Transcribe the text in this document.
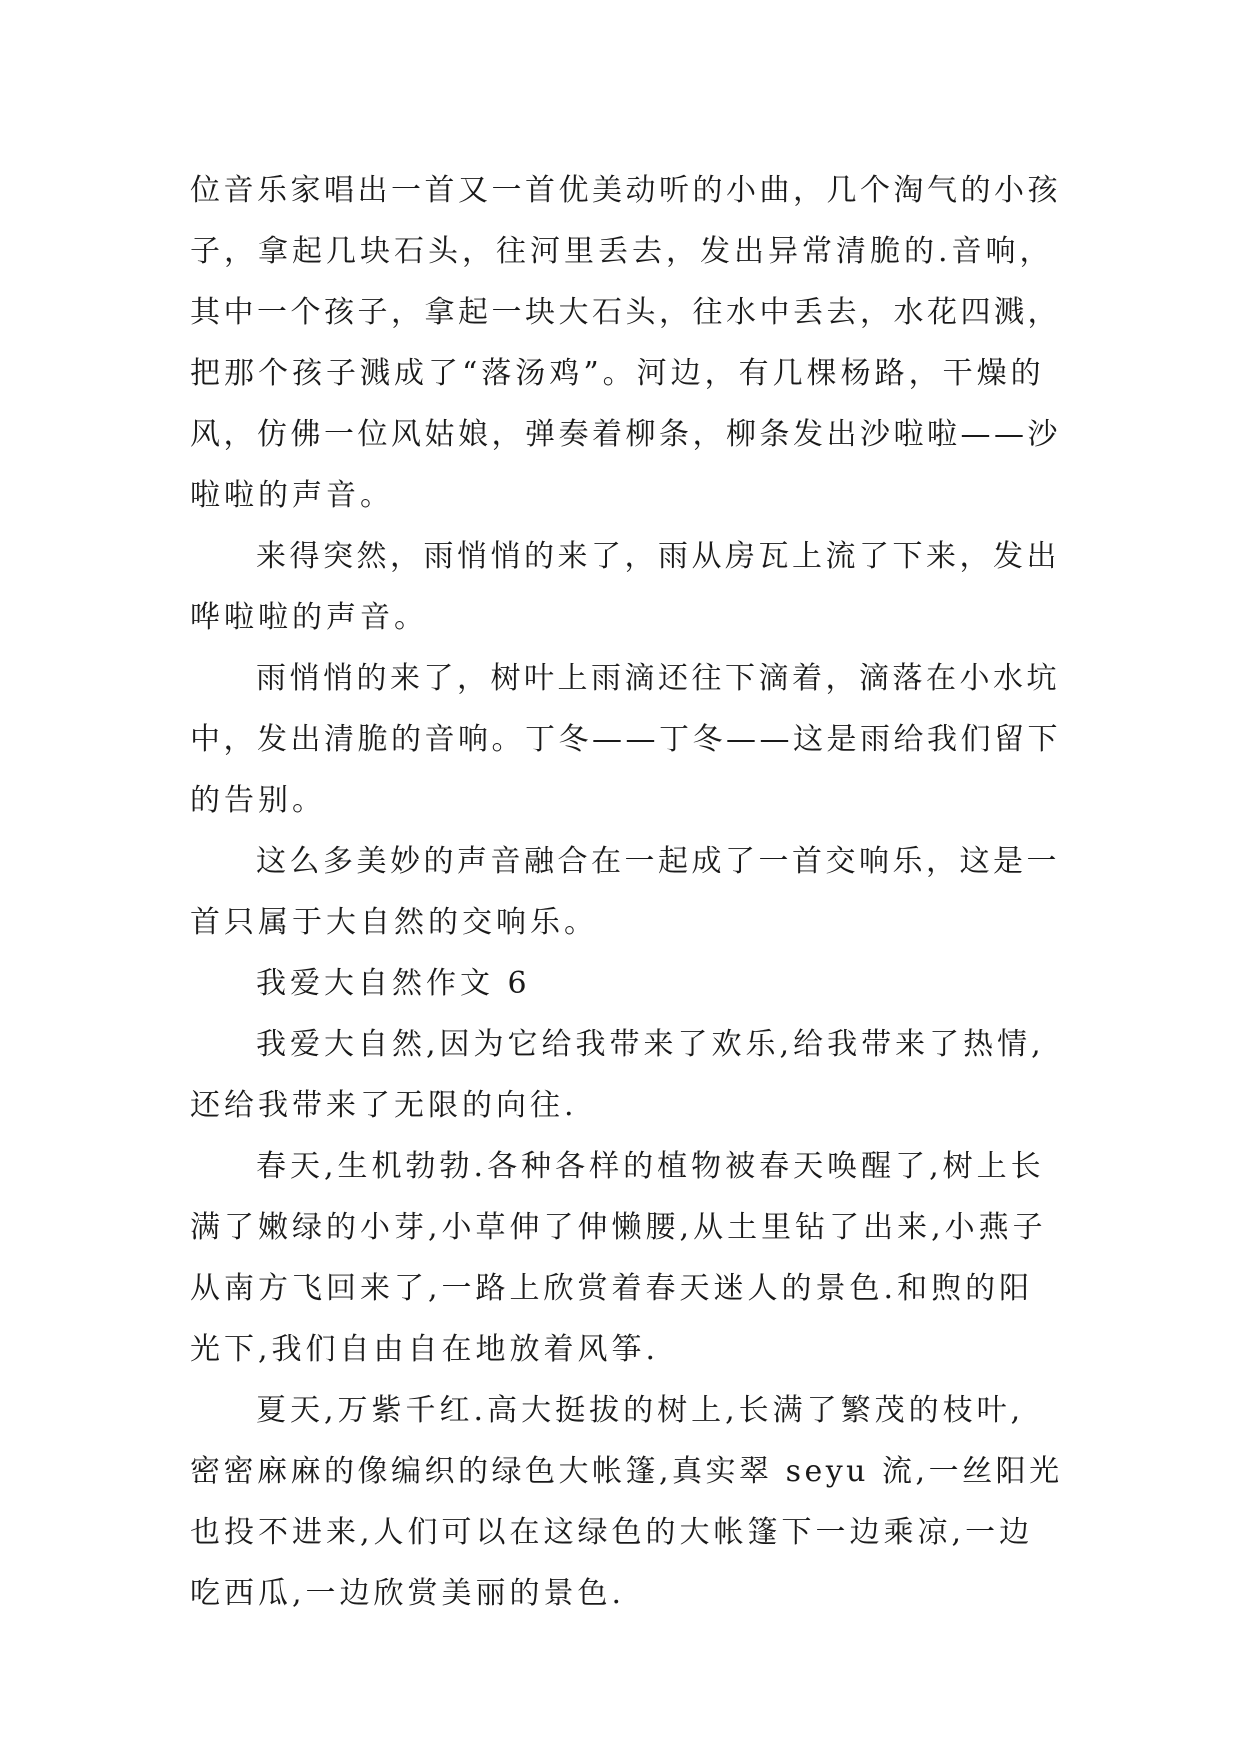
位音乐家唱出一首又一首优美动听的小曲，几个淘气的小孩
子，拿起几块石头，往河里丢去，发出异常清脆的.音响，
其中一个孩子，拿起一块大石头，往水中丢去，水花四溅，
把那个孩子溅成了“落汤鸡”。河边，有几棵杨路，干燥的
风，仿佛一位风姑娘，弹奏着柳条，柳条发出沙啦啦——沙
啦啦的声音。
来得突然，雨悄悄的来了，雨从房瓦上流了下来，发出
哗啦啦的声音。
雨悄悄的来了，树叶上雨滴还往下滴着，滴落在小水坑
中，发出清脆的音响。丁冬——丁冬——这是雨给我们留下
的告别。
这么多美妙的声音融合在一起成了一首交响乐，这是一
首只属于大自然的交响乐。
我爱大自然作文 6
我爱大自然,因为它给我带来了欢乐,给我带来了热情,
还给我带来了无限的向往.
春天,生机勃勃.各种各样的植物被春天唤醒了,树上长
满了嫩绿的小芽,小草伸了伸懒腰,从土里钻了出来,小燕子
从南方飞回来了,一路上欣赏着春天迷人的景色.和煦的阳
光下,我们自由自在地放着风筝.
夏天,万紫千红.高大挺拔的树上,长满了繁茂的枝叶,
密密麻麻的像编织的绿色大帐篷,真实翠 seyu 流,一丝阳光
也投不进来,人们可以在这绿色的大帐篷下一边乘凉,一边
吃西瓜,一边欣赏美丽的景色.
